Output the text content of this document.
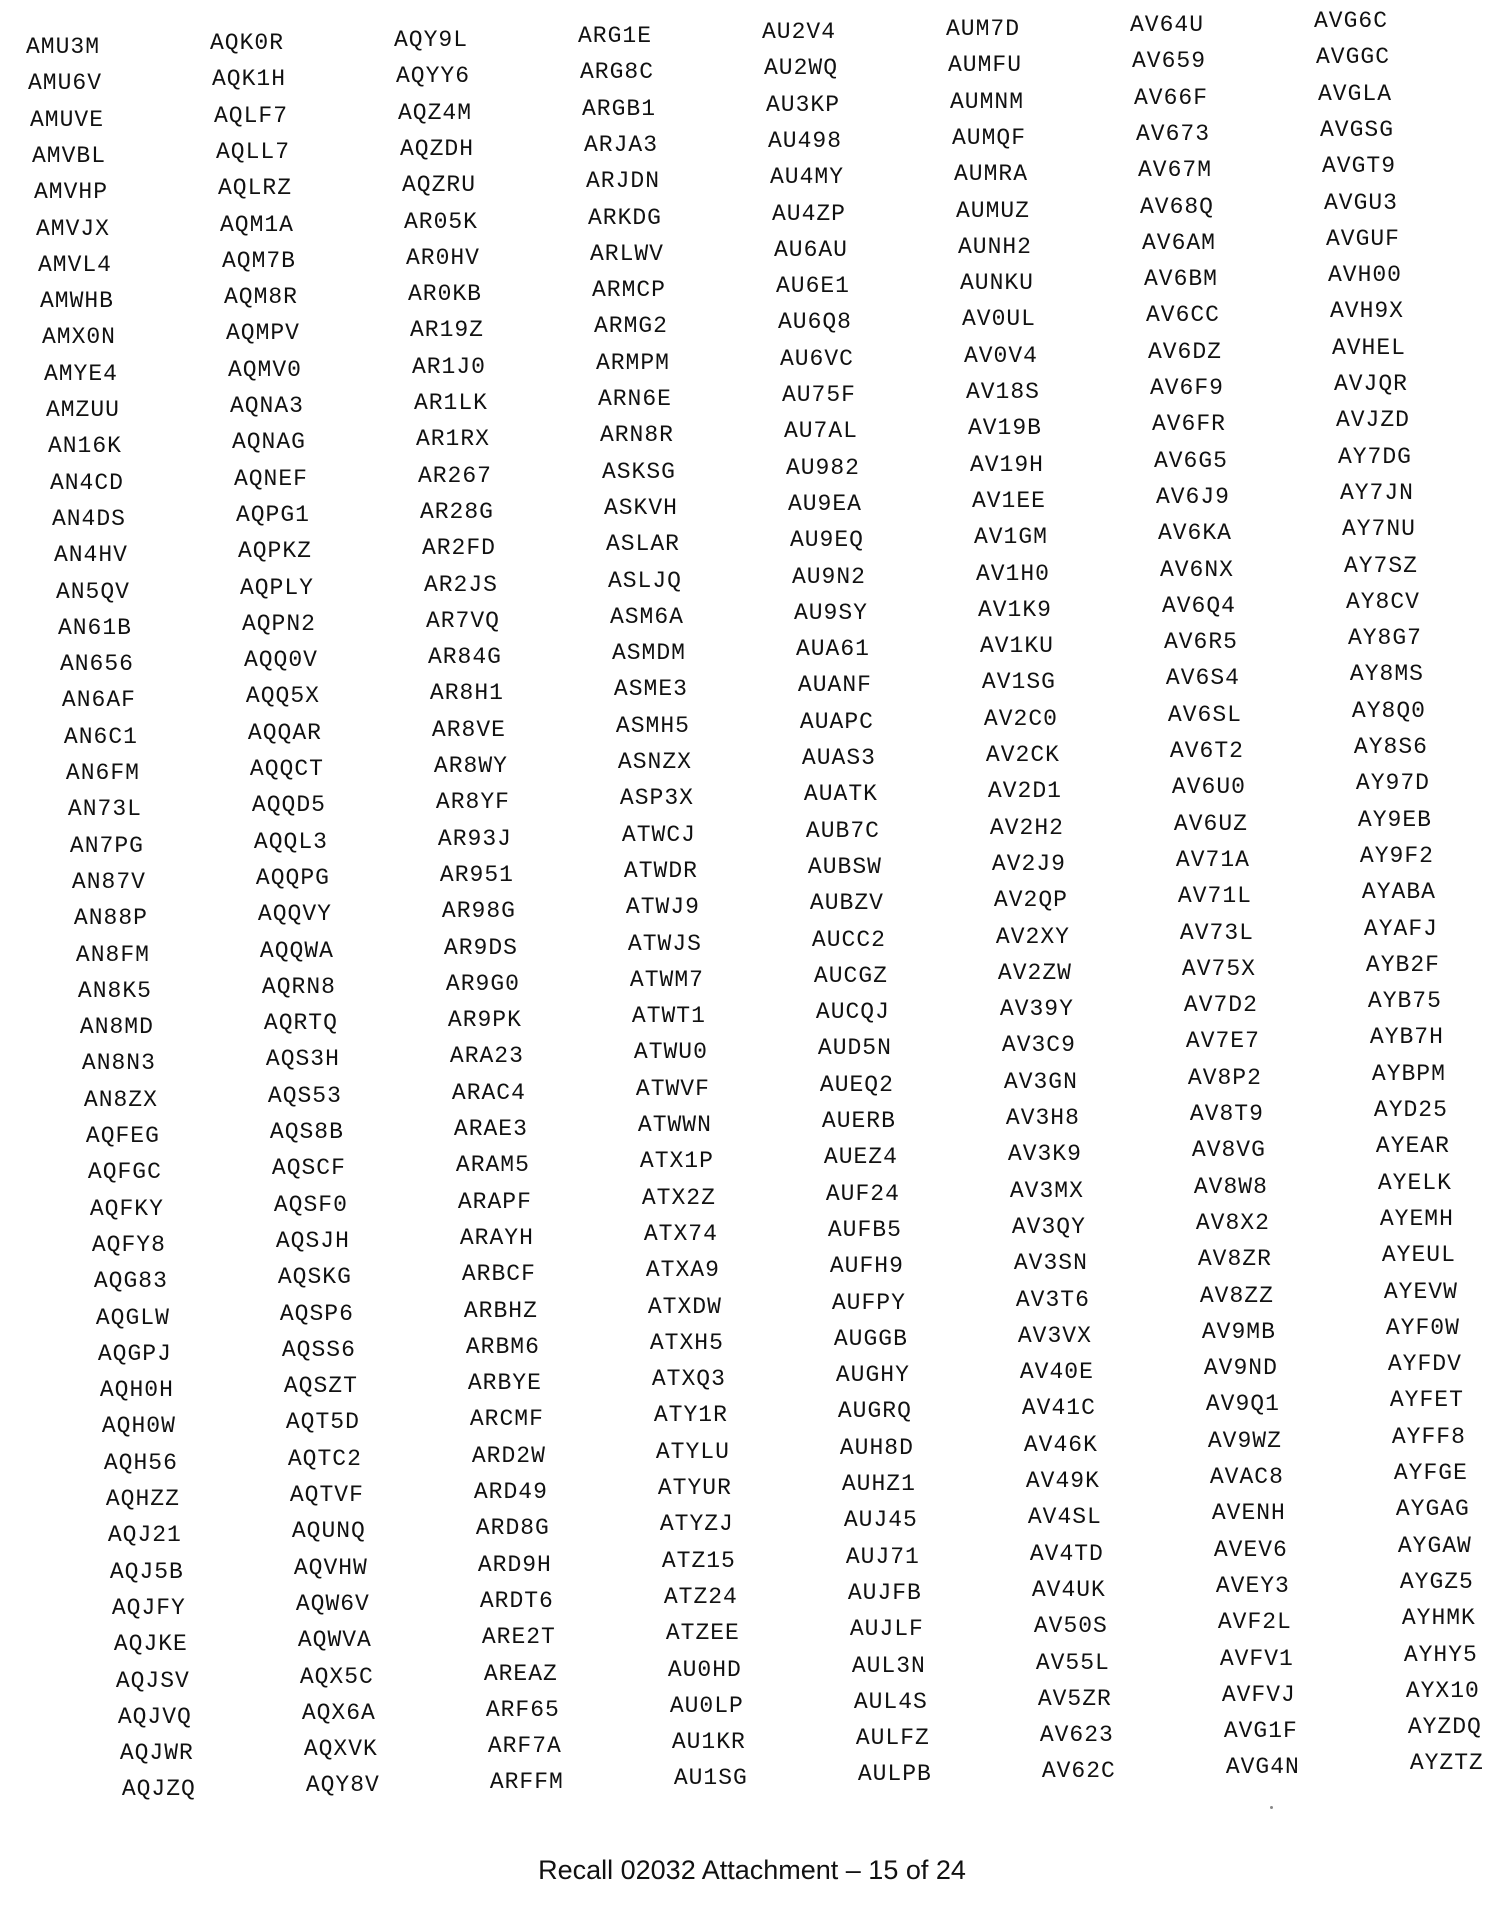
AMU3M
AMU6V
AMUVE
AMVBL
AMVHP
AMVJX
AMVL4
AMWHB
AMX0N
AMYE4
AMZUU
AN16K
AN4CD
AN4DS
AN4HV
AN5QV
AN61B
AN656
AN6AF
AN6C1
AN6FM
AN73L
AN7PG
AN87V
AN88P
AN8FM
AN8K5
AN8MD
AN8N3
AN8ZX
AQFEG
AQFGC
AQFKY
AQFY8
AQG83
AQGLW
AQGPJ
AQH0H
AQH0W
AQH56
AQHZZ
AQJ21
AQJ5B
AQJFY
AQJKE
AQJSV
AQJVQ
AQJWR
AQJZQ
AQK0R
AQK1H
AQLF7
AQLL7
AQLRZ
AQM1A
AQM7B
AQM8R
AQMPV
AQMV0
AQNA3
AQNAG
AQNEF
AQPG1
AQPKZ
AQPLY
AQPN2
AQQ0V
AQQ5X
AQQAR
AQQCT
AQQD5
AQQL3
AQQPG
AQQVY
AQQWA
AQRN8
AQRTQ
AQS3H
AQS53
AQS8B
AQSCF
AQSF0
AQSJH
AQSKG
AQSP6
AQSS6
AQSZT
AQT5D
AQTC2
AQTVF
AQUNQ
AQVHW
AQW6V
AQWVA
AQX5C
AQX6A
AQXVK
AQY8V
AQY9L
AQYY6
AQZ4M
AQZDH
AQZRU
AR05K
AR0HV
AR0KB
AR19Z
AR1J0
AR1LK
AR1RX
AR267
AR28G
AR2FD
AR2JS
AR7VQ
AR84G
AR8H1
AR8VE
AR8WY
AR8YF
AR93J
AR951
AR98G
AR9DS
AR9G0
AR9PK
ARA23
ARAC4
ARAE3
ARAM5
ARAPF
ARAYH
ARBCF
ARBHZ
ARBM6
ARBYE
ARCMF
ARD2W
ARD49
ARD8G
ARD9H
ARDT6
ARE2T
AREAZ
ARF65
ARF7A
ARFFM
ARG1E
ARG8C
ARGB1
ARJA3
ARJDN
ARKDG
ARLWV
ARMCP
ARMG2
ARMPM
ARN6E
ARN8R
ASKSG
ASKVH
ASLAR
ASLJQ
ASM6A
ASMDM
ASME3
ASMH5
ASNZX
ASP3X
ATWCJ
ATWDR
ATWJ9
ATWJS
ATWM7
ATWT1
ATWU0
ATWVF
ATWWN
ATX1P
ATX2Z
ATX74
ATXA9
ATXDW
ATXH5
ATXQ3
ATY1R
ATYLU
ATYUR
ATYZJ
ATZ15
ATZ24
ATZEE
AU0HD
AU0LP
AU1KR
AU1SG
AU2V4
AU2WQ
AU3KP
AU498
AU4MY
AU4ZP
AU6AU
AU6E1
AU6Q8
AU6VC
AU75F
AU7AL
AU982
AU9EA
AU9EQ
AU9N2
AU9SY
AUA61
AUANF
AUAPC
AUAS3
AUATK
AUB7C
AUBSW
AUBZV
AUCC2
AUCGZ
AUCQJ
AUD5N
AUEQ2
AUERB
AUEZ4
AUF24
AUFB5
AUFH9
AUFPY
AUGGB
AUGHY
AUGRQ
AUH8D
AUHZ1
AUJ45
AUJ71
AUJFB
AUJLF
AUL3N
AUL4S
AULFZ
AULPB
AUM7D
AUMFU
AUMNM
AUMQF
AUMRA
AUMUZ
AUNH2
AUNKU
AV0UL
AV0V4
AV18S
AV19B
AV19H
AV1EE
AV1GM
AV1H0
AV1K9
AV1KU
AV1SG
AV2C0
AV2CK
AV2D1
AV2H2
AV2J9
AV2QP
AV2XY
AV2ZW
AV39Y
AV3C9
AV3GN
AV3H8
AV3K9
AV3MX
AV3QY
AV3SN
AV3T6
AV3VX
AV40E
AV41C
AV46K
AV49K
AV4SL
AV4TD
AV4UK
AV50S
AV55L
AV5ZR
AV623
AV62C
AV64U
AV659
AV66F
AV673
AV67M
AV68Q
AV6AM
AV6BM
AV6CC
AV6DZ
AV6F9
AV6FR
AV6G5
AV6J9
AV6KA
AV6NX
AV6Q4
AV6R5
AV6S4
AV6SL
AV6T2
AV6U0
AV6UZ
AV71A
AV71L
AV73L
AV75X
AV7D2
AV7E7
AV8P2
AV8T9
AV8VG
AV8W8
AV8X2
AV8ZR
AV8ZZ
AV9MB
AV9ND
AV9Q1
AV9WZ
AVAC8
AVENH
AVEV6
AVEY3
AVF2L
AVFV1
AVFVJ
AVG1F
AVG4N
AVG6C
AVGGC
AVGLA
AVGSG
AVGT9
AVGU3
AVGUF
AVH00
AVH9X
AVHEL
AVJQR
AVJZD
AY7DG
AY7JN
AY7NU
AY7SZ
AY8CV
AY8G7
AY8MS
AY8Q0
AY8S6
AY97D
AY9EB
AY9F2
AYABA
AYAFJ
AYB2F
AYB75
AYB7H
AYBPM
AYD25
AYEAR
AYELK
AYEMH
AYEUL
AYEVW
AYF0W
AYFDV
AYFET
AYFF8
AYFGE
AYGAG
AYGAW
AYGZ5
AYHMK
AYHY5
AYX10
AYZDQ
AYZTZ
Recall 02032 Attachment – 15 of 24
